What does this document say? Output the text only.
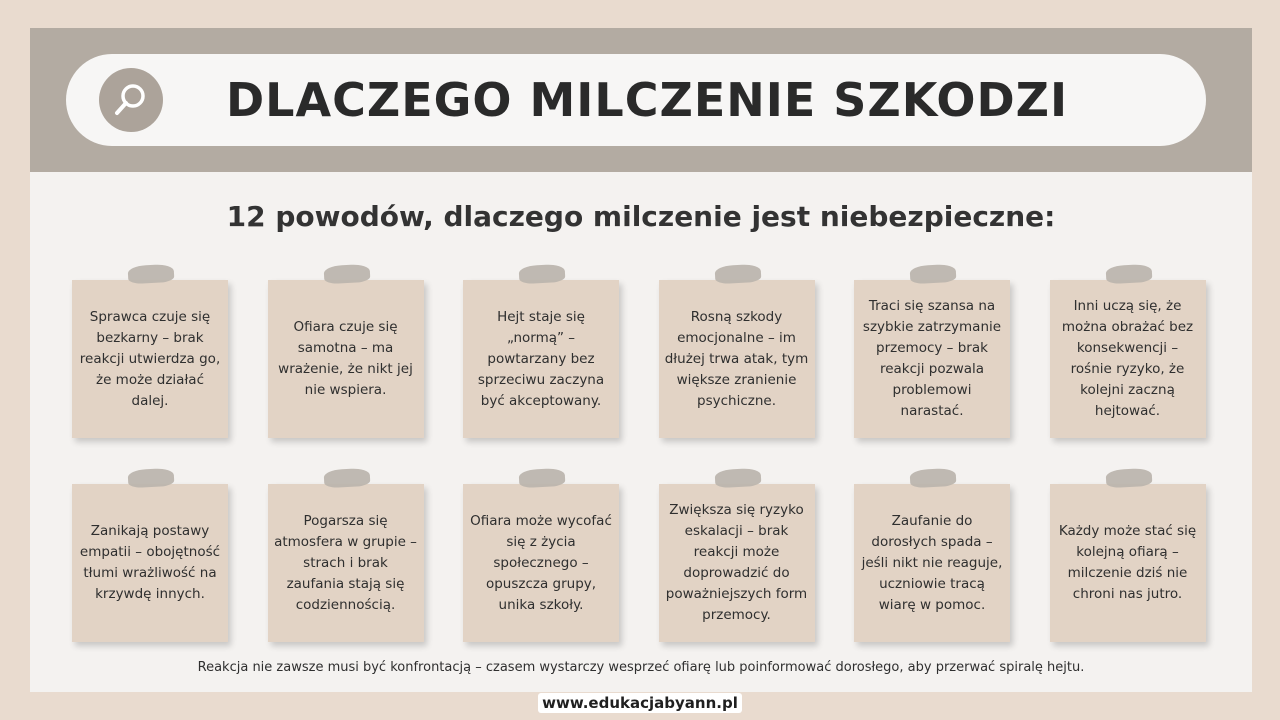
DLACZEGO MILCZENIE SZKODZI
12 powodów, dlaczego milczenie jest niebezpieczne:
Sprawca czuje się bezkarny – brak reakcji utwierdza go, że może działać dalej.
Ofiara czuje się samotna – ma wrażenie, że nikt jej nie wspiera.
Hejt staje się „normą” – powtarzany bez sprzeciwu zaczyna być akceptowany.
Rosną szkody emocjonalne – im dłużej trwa atak, tym większe zranienie psychiczne.
Traci się szansa na szybkie zatrzymanie przemocy – brak reakcji pozwala problemowi narastać.
Inni uczą się, że można obrażać bez konsekwencji – rośnie ryzyko, że kolejni zaczną hejtować.
Zanikają postawy empatii – obojętność tłumi wrażliwość na krzywdę innych.
Pogarsza się atmosfera w grupie – strach i brak zaufania stają się codziennością.
Ofiara może wycofać się z życia społecznego – opuszcza grupy, unika szkoły.
Zwiększa się ryzyko eskalacji – brak reakcji może doprowadzić do poważniejszych form przemocy.
Zaufanie do dorosłych spada – jeśli nikt nie reaguje, uczniowie tracą wiarę w pomoc.
Każdy może stać się kolejną ofiarą – milczenie dziś nie chroni nas jutro.
Reakcja nie zawsze musi być konfrontacją – czasem wystarczy wesprzeć ofiarę lub poinformować dorosłego, aby przerwać spiralę hejtu.
www.edukacjabyann.pl
